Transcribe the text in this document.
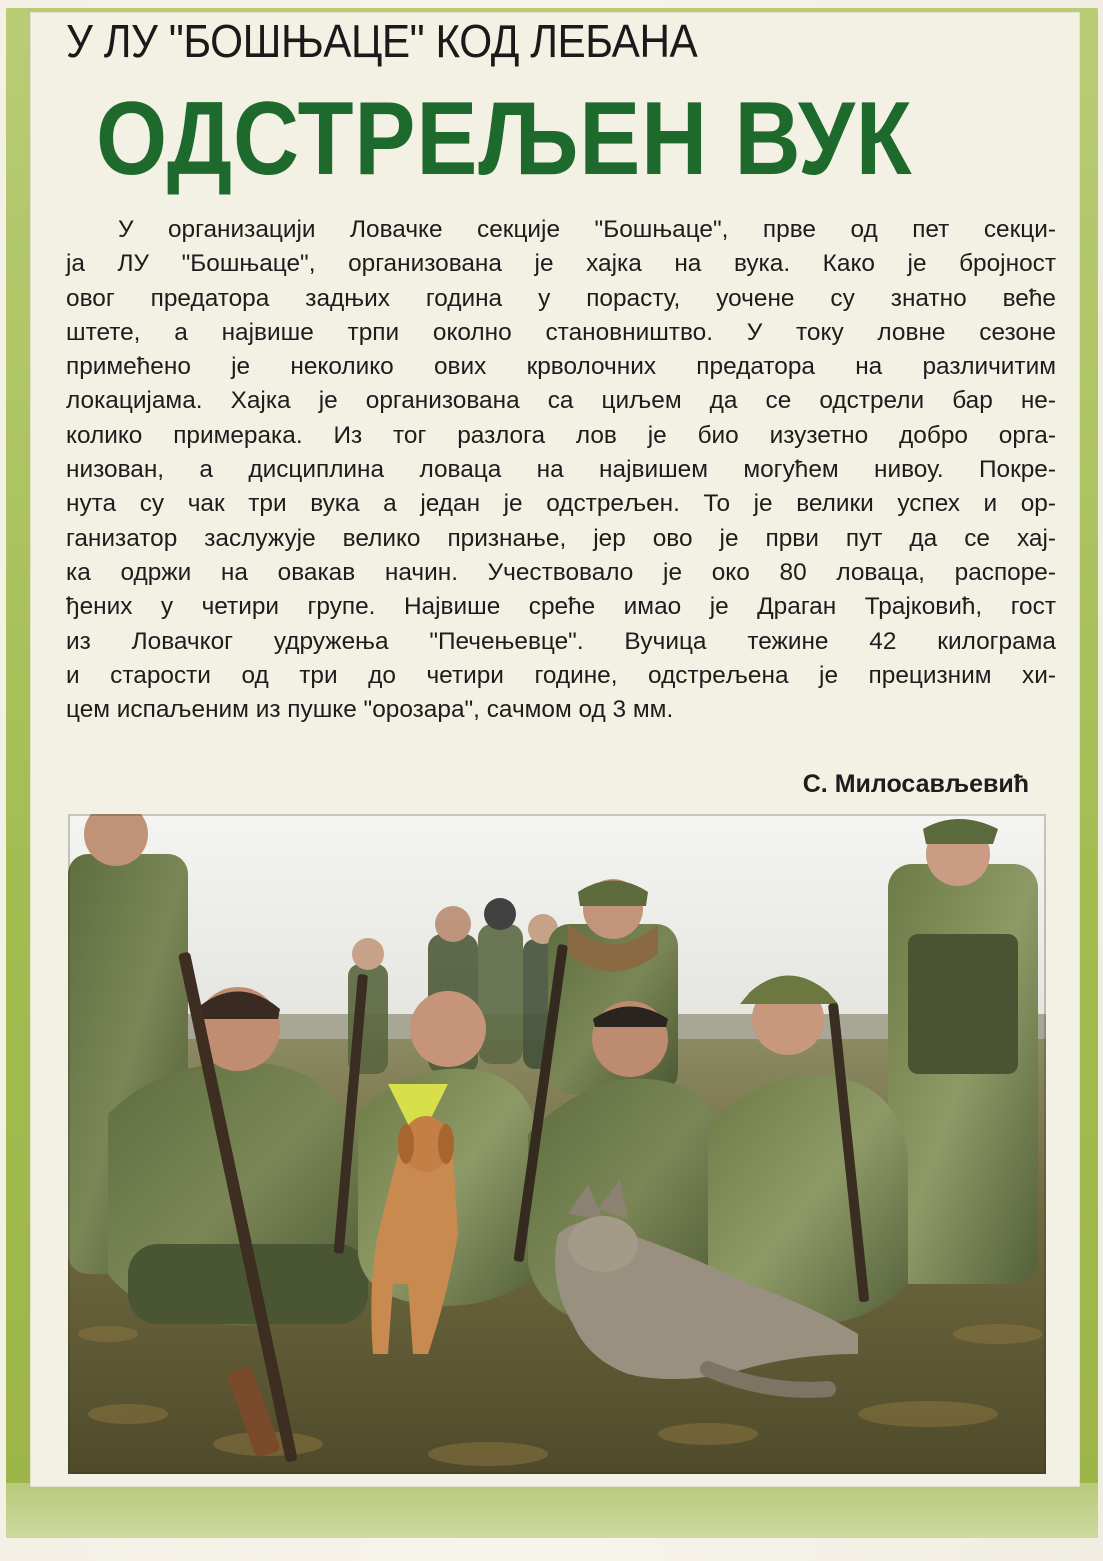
У ЛУ "БОШЊАЦЕ" КОД ЛЕБАНА
ОДСТРЕЉЕН ВУК
У организацији Ловачке секције "Бошњаце", прве од пет секци-
ја ЛУ "Бошњаце", организована је хајка на вука. Како је бројност
овог предатора задњих година у порасту, уочене су знатно веће
штете, а највише трпи околно становништво. У току ловне сезоне
примећено је неколико ових крволочних предатора на различитим
локацијама. Хајка је организована са циљем да се одстрели бар не-
колико примерака. Из тог разлога лов је био изузетно добро орга-
низован, а дисциплина ловаца на највишем могућем нивоу. Покре-
нута су чак три вука а један је одстрељен. То је велики успех и ор-
ганизатор заслужује велико признање, јер ово је први пут да се хај-
ка одржи на овакав начин. Учествовало је око 80 ловаца, распоре-
ђених у четири групе. Највише среће имао је Драган Трајковић, гост
из Ловачког удружења "Печењевце". Вучица тежине 42 килограма
и старости од три до четири године, одстрељена је прецизним хи-
цем испаљеним из пушке "орозара", сачмом од 3 мм.
С. Милосављевић
